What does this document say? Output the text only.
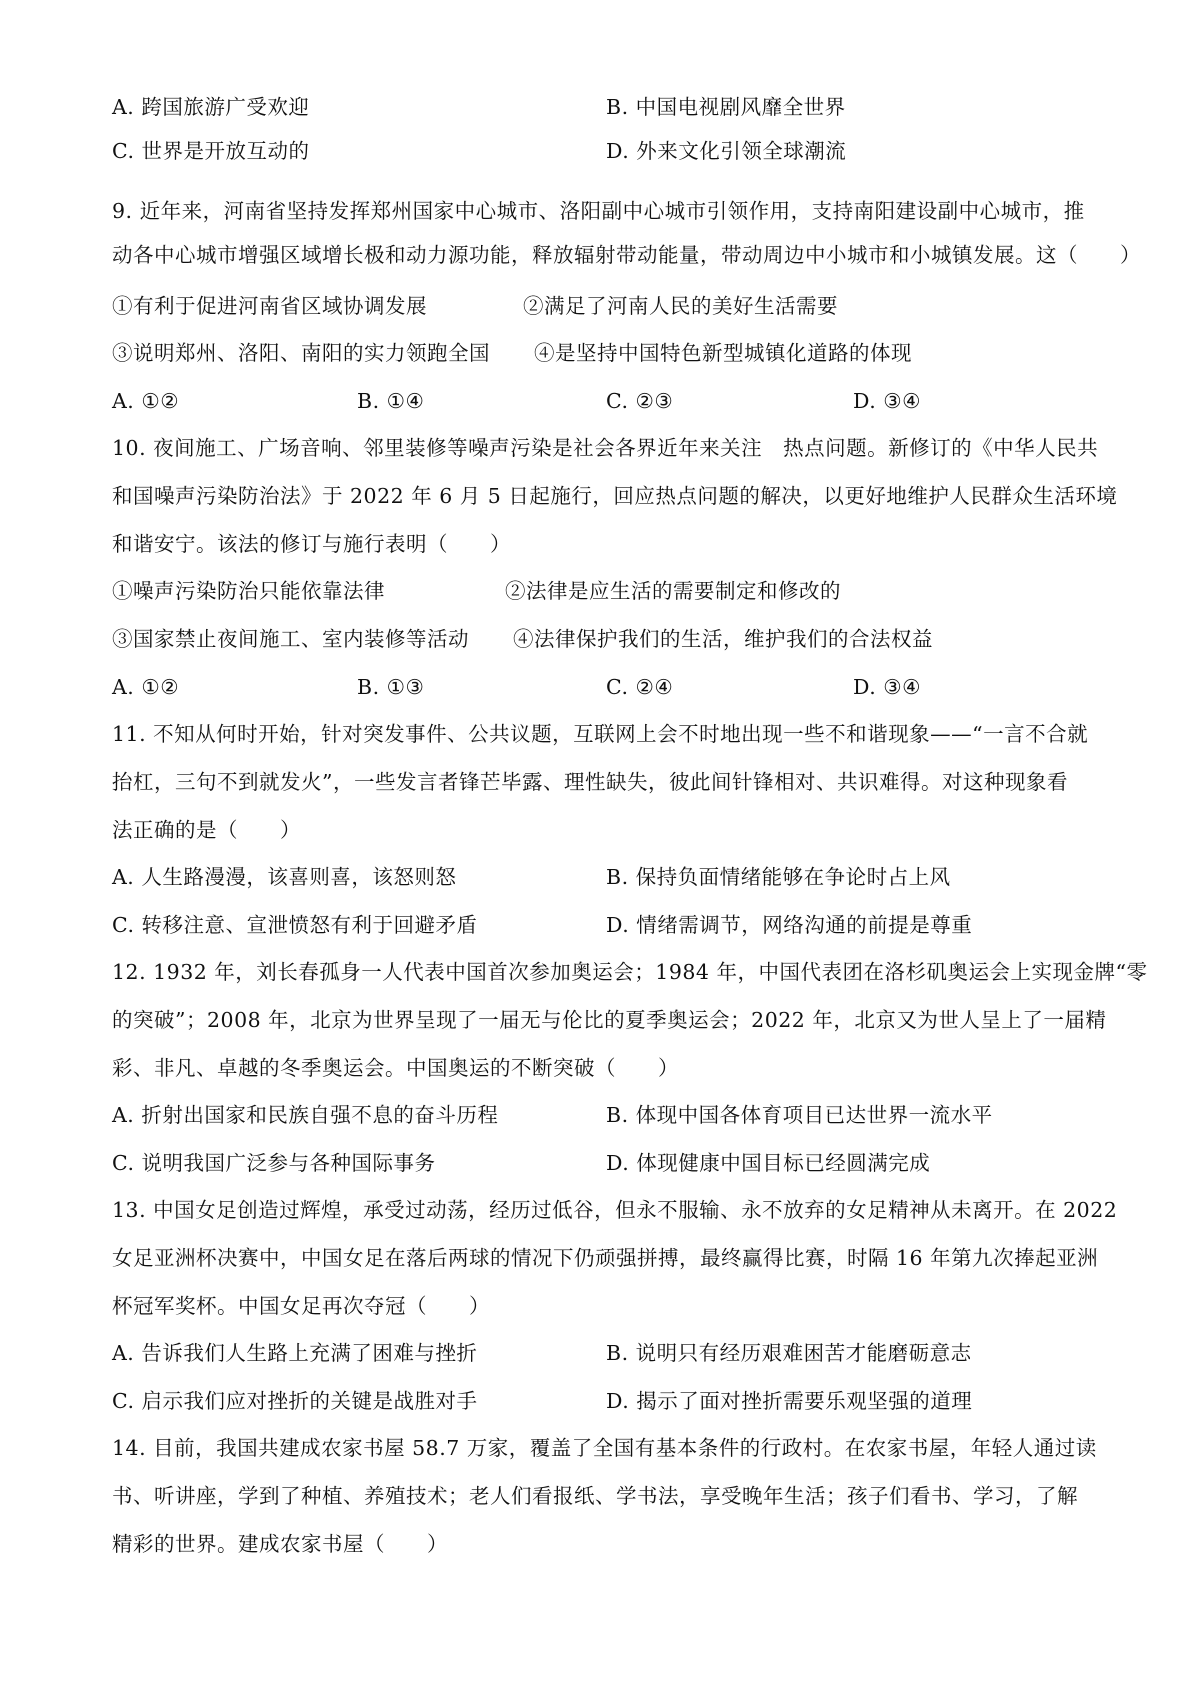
A. 跨国旅游广受欢迎	B. 中国电视剧风靡全世界
C. 世界是开放互动的	D. 外来文化引领全球潮流
9. 近年来，河南省坚持发挥郑州国家中心城市、洛阳副中心城市引领作用，支持南阳建设副中心城市，推
动各中心城市增强区域增长极和动力源功能，释放辐射带动能量，带动周边中小城市和小城镇发展。这（　　）
①有利于促进河南省区域协调发展	②满足了河南人民的美好生活需要
③说明郑州、洛阳、南阳的实力领跑全国 ④是坚持中国特色新型城镇化道路的体现
A. ①②	B. ①④	C. ②③	D. ③④
10. 夜间施工、广场音响、邻里装修等噪声污染是社会各界近年来关注　热点问题。新修订的《中华人民共
和国噪声污染防治法》于 2022 年 6 月 5 日起施行，回应热点问题的解决，以更好地维护人民群众生活环境
和谐安宁。该法的修订与施行表明（　　）
①噪声污染防治只能依靠法律	②法律是应生活的需要制定和修改的
③国家禁止夜间施工、室内装修等活动 ④法律保护我们的生活，维护我们的合法权益
A. ①②	B. ①③	C. ②④	D. ③④
11. 不知从何时开始，针对突发事件、公共议题，互联网上会不时地出现一些不和谐现象——“一言不合就
抬杠，三句不到就发火”，一些发言者锋芒毕露、理性缺失，彼此间针锋相对、共识难得。对这种现象看
法正确的是（　　）
A. 人生路漫漫，该喜则喜，该怒则怒	B. 保持负面情绪能够在争论时占上风
C. 转移注意、宣泄愤怒有利于回避矛盾	D. 情绪需调节，网络沟通的前提是尊重
12. 1932 年，刘长春孤身一人代表中国首次参加奥运会；1984 年，中国代表团在洛杉矶奥运会上实现金牌“零
的突破”；2008 年，北京为世界呈现了一届无与伦比的夏季奥运会；2022 年，北京又为世人呈上了一届精
彩、非凡、卓越的冬季奥运会。中国奥运的不断突破（　　）
A. 折射出国家和民族自强不息的奋斗历程	B. 体现中国各体育项目已达世界一流水平
C. 说明我国广泛参与各种国际事务	D. 体现健康中国目标已经圆满完成
13. 中国女足创造过辉煌，承受过动荡，经历过低谷，但永不服输、永不放弃的女足精神从未离开。在 2022
女足亚洲杯决赛中，中国女足在落后两球的情况下仍顽强拼搏，最终赢得比赛，时隔 16 年第九次捧起亚洲
杯冠军奖杯。中国女足再次夺冠（　　）
A. 告诉我们人生路上充满了困难与挫折	B. 说明只有经历艰难困苦才能磨砺意志
C. 启示我们应对挫折的关键是战胜对手	D. 揭示了面对挫折需要乐观坚强的道理
14. 目前，我国共建成农家书屋 58.7 万家，覆盖了全国有基本条件的行政村。在农家书屋，年轻人通过读
书、听讲座，学到了种植、养殖技术；老人们看报纸、学书法，享受晚年生活；孩子们看书、学习，了解
精彩的世界。建成农家书屋（　　）
